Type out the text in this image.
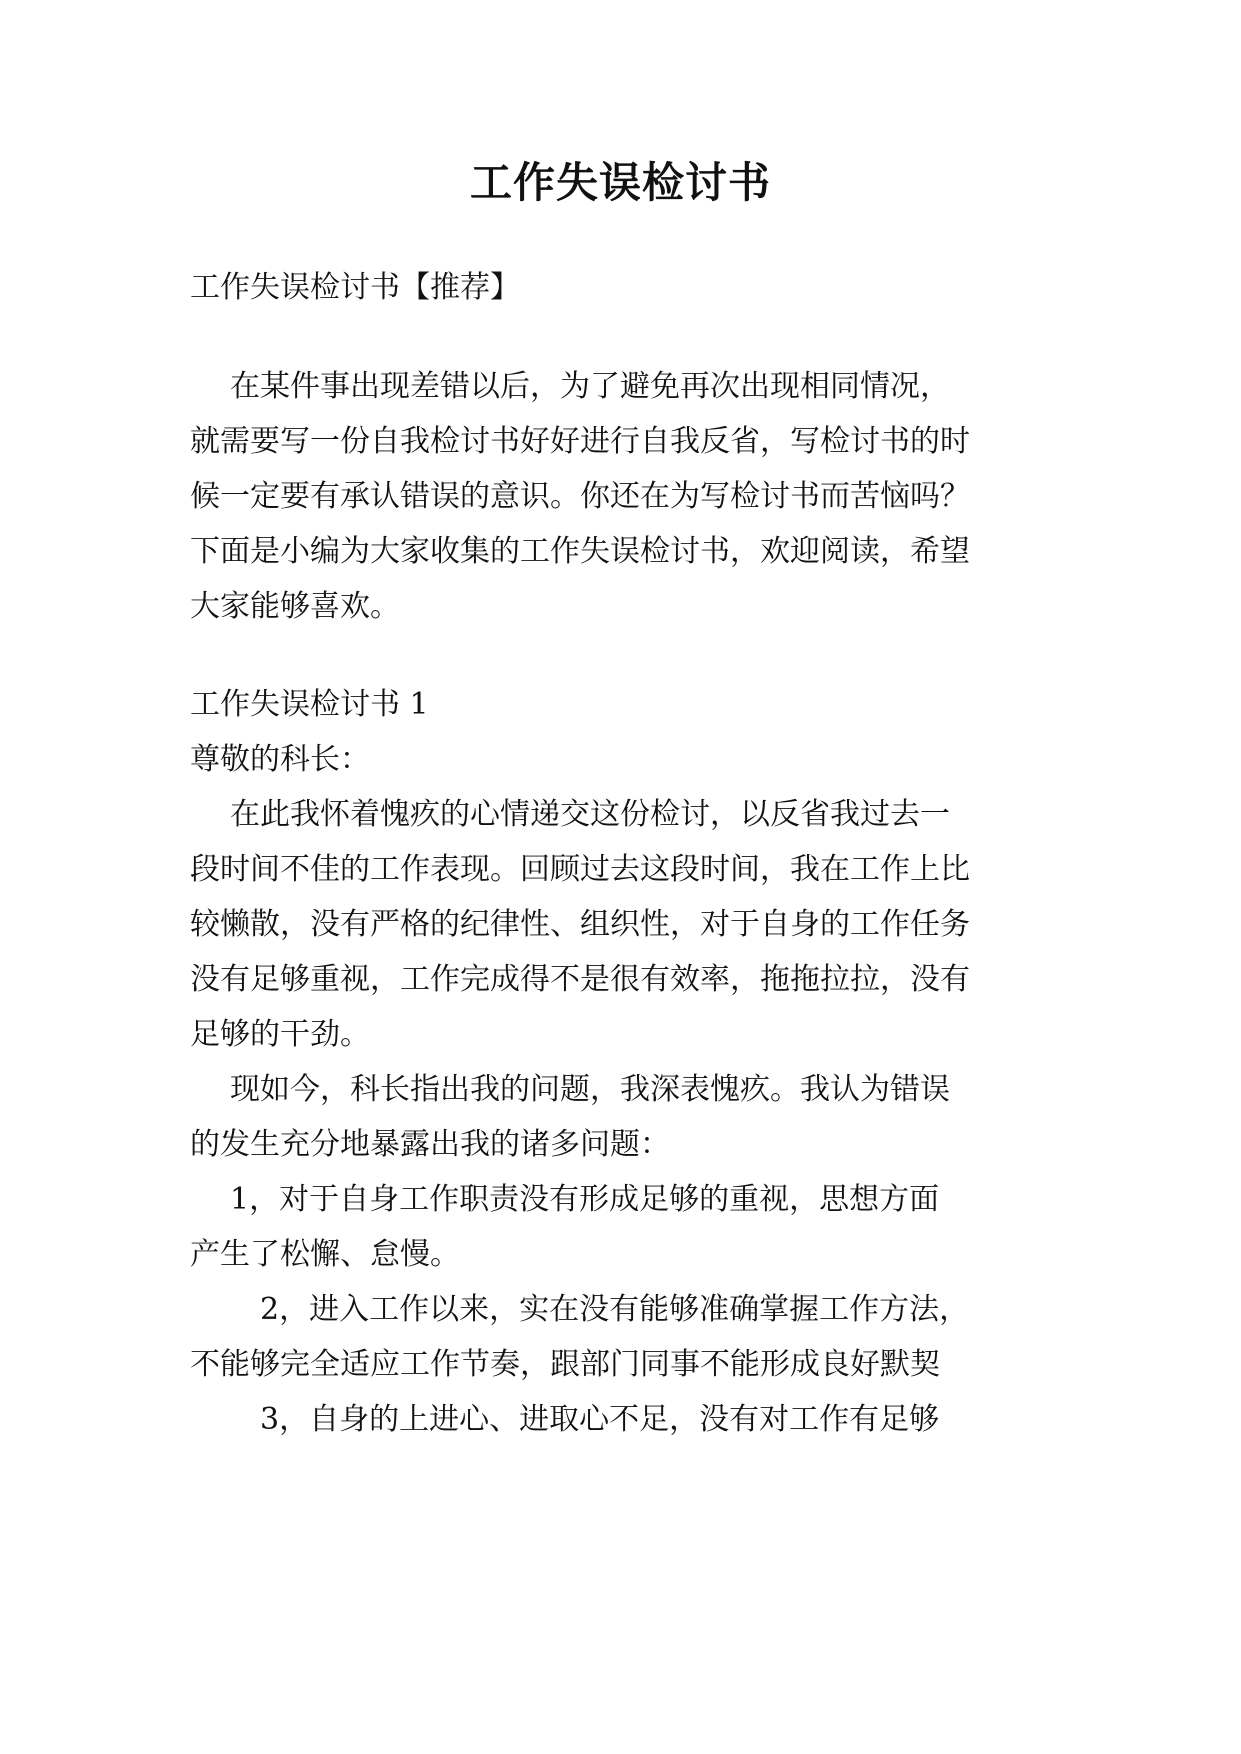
工作失误检讨书

工作失误检讨书【推荐】

在某件事出现差错以后，为了避免再次出现相同情况，

就需要写一份自我检讨书好好进行自我反省，写检讨书的时

候一定要有承认错误的意识。你还在为写检讨书而苦恼吗？

下面是小编为大家收集的工作失误检讨书，欢迎阅读，希望

大家能够喜欢。

工作失误检讨书 1

尊敬的科长：

在此我怀着愧疚的心情递交这份检讨，以反省我过去一

段时间不佳的工作表现。回顾过去这段时间，我在工作上比

较懒散，没有严格的纪律性、组织性，对于自身的工作任务

没有足够重视，工作完成得不是很有效率，拖拖拉拉，没有

足够的干劲。

现如今，科长指出我的问题，我深表愧疚。我认为错误

的发生充分地暴露出我的诸多问题：

1，对于自身工作职责没有形成足够的重视，思想方面

产生了松懈、怠慢。

2，进入工作以来，实在没有能够准确掌握工作方法，

不能够完全适应工作节奏，跟部门同事不能形成良好默契

3，自身的上进心、进取心不足，没有对工作有足够
